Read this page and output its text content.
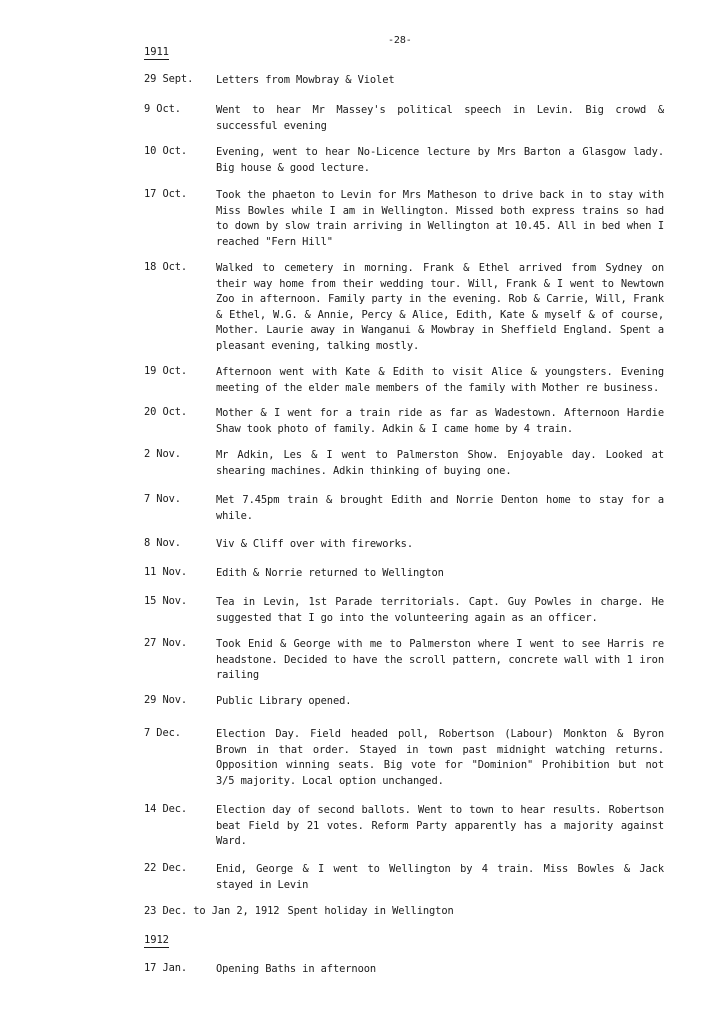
-28-
1911
29 Sept.	Letters from Mowbray & Violet
9 Oct.	Went to hear Mr Massey's political speech in Levin. Big crowd & successful evening
10 Oct.	Evening, went to hear No-Licence lecture by Mrs Barton a Glasgow lady. Big house & good lecture.
17 Oct.	Took the phaeton to Levin for Mrs Matheson to drive back in to stay with Miss Bowles while I am in Wellington. Missed both express trains so had to down by slow train arriving in Wellington at 10.45. All in bed when I reached "Fern Hill"
18 Oct.	Walked to cemetery in morning. Frank & Ethel arrived from Sydney on their way home from their wedding tour. Will, Frank & I went to Newtown Zoo in afternoon. Family party in the evening. Rob & Carrie, Will, Frank & Ethel, W.G. & Annie, Percy & Alice, Edith, Kate & myself & of course, Mother. Laurie away in Wanganui & Mowbray in Sheffield England. Spent a pleasant evening, talking mostly.
19 Oct.	Afternoon went with Kate & Edith to visit Alice & youngsters. Evening meeting of the elder male members of the family with Mother re business.
20 Oct.	Mother & I went for a train ride as far as Wadestown. Afternoon Hardie Shaw took photo of family. Adkin & I came home by 4 train.
2 Nov.	Mr Adkin, Les & I went to Palmerston Show. Enjoyable day. Looked at shearing machines. Adkin thinking of buying one.
7 Nov.	Met 7.45pm train & brought Edith and Norrie Denton home to stay for a while.
8 Nov.	Viv & Cliff over with fireworks.
11 Nov.	Edith & Norrie returned to Wellington
15 Nov.	Tea in Levin, 1st Parade territorials. Capt. Guy Powles in charge. He suggested that I go into the volunteering again as an officer.
27 Nov.	Took Enid & George with me to Palmerston where I went to see Harris re headstone. Decided to have the scroll pattern, concrete wall with 1 iron railing
29 Nov.	Public Library opened.
7 Dec.	Election Day. Field headed poll, Robertson (Labour) Monkton & Byron Brown in that order. Stayed in town past midnight watching returns. Opposition winning seats. Big vote for "Dominion" Prohibition but not 3/5 majority. Local option unchanged.
14 Dec.	Election day of second ballots. Went to town to hear results. Robertson beat Field by 21 votes. Reform Party apparently has a majority against Ward.
22 Dec.	Enid, George & I went to Wellington by 4 train. Miss Bowles & Jack stayed in Levin
23 Dec. to Jan 2, 1912 Spent holiday in Wellington
1912
17 Jan.	Opening Baths in afternoon
